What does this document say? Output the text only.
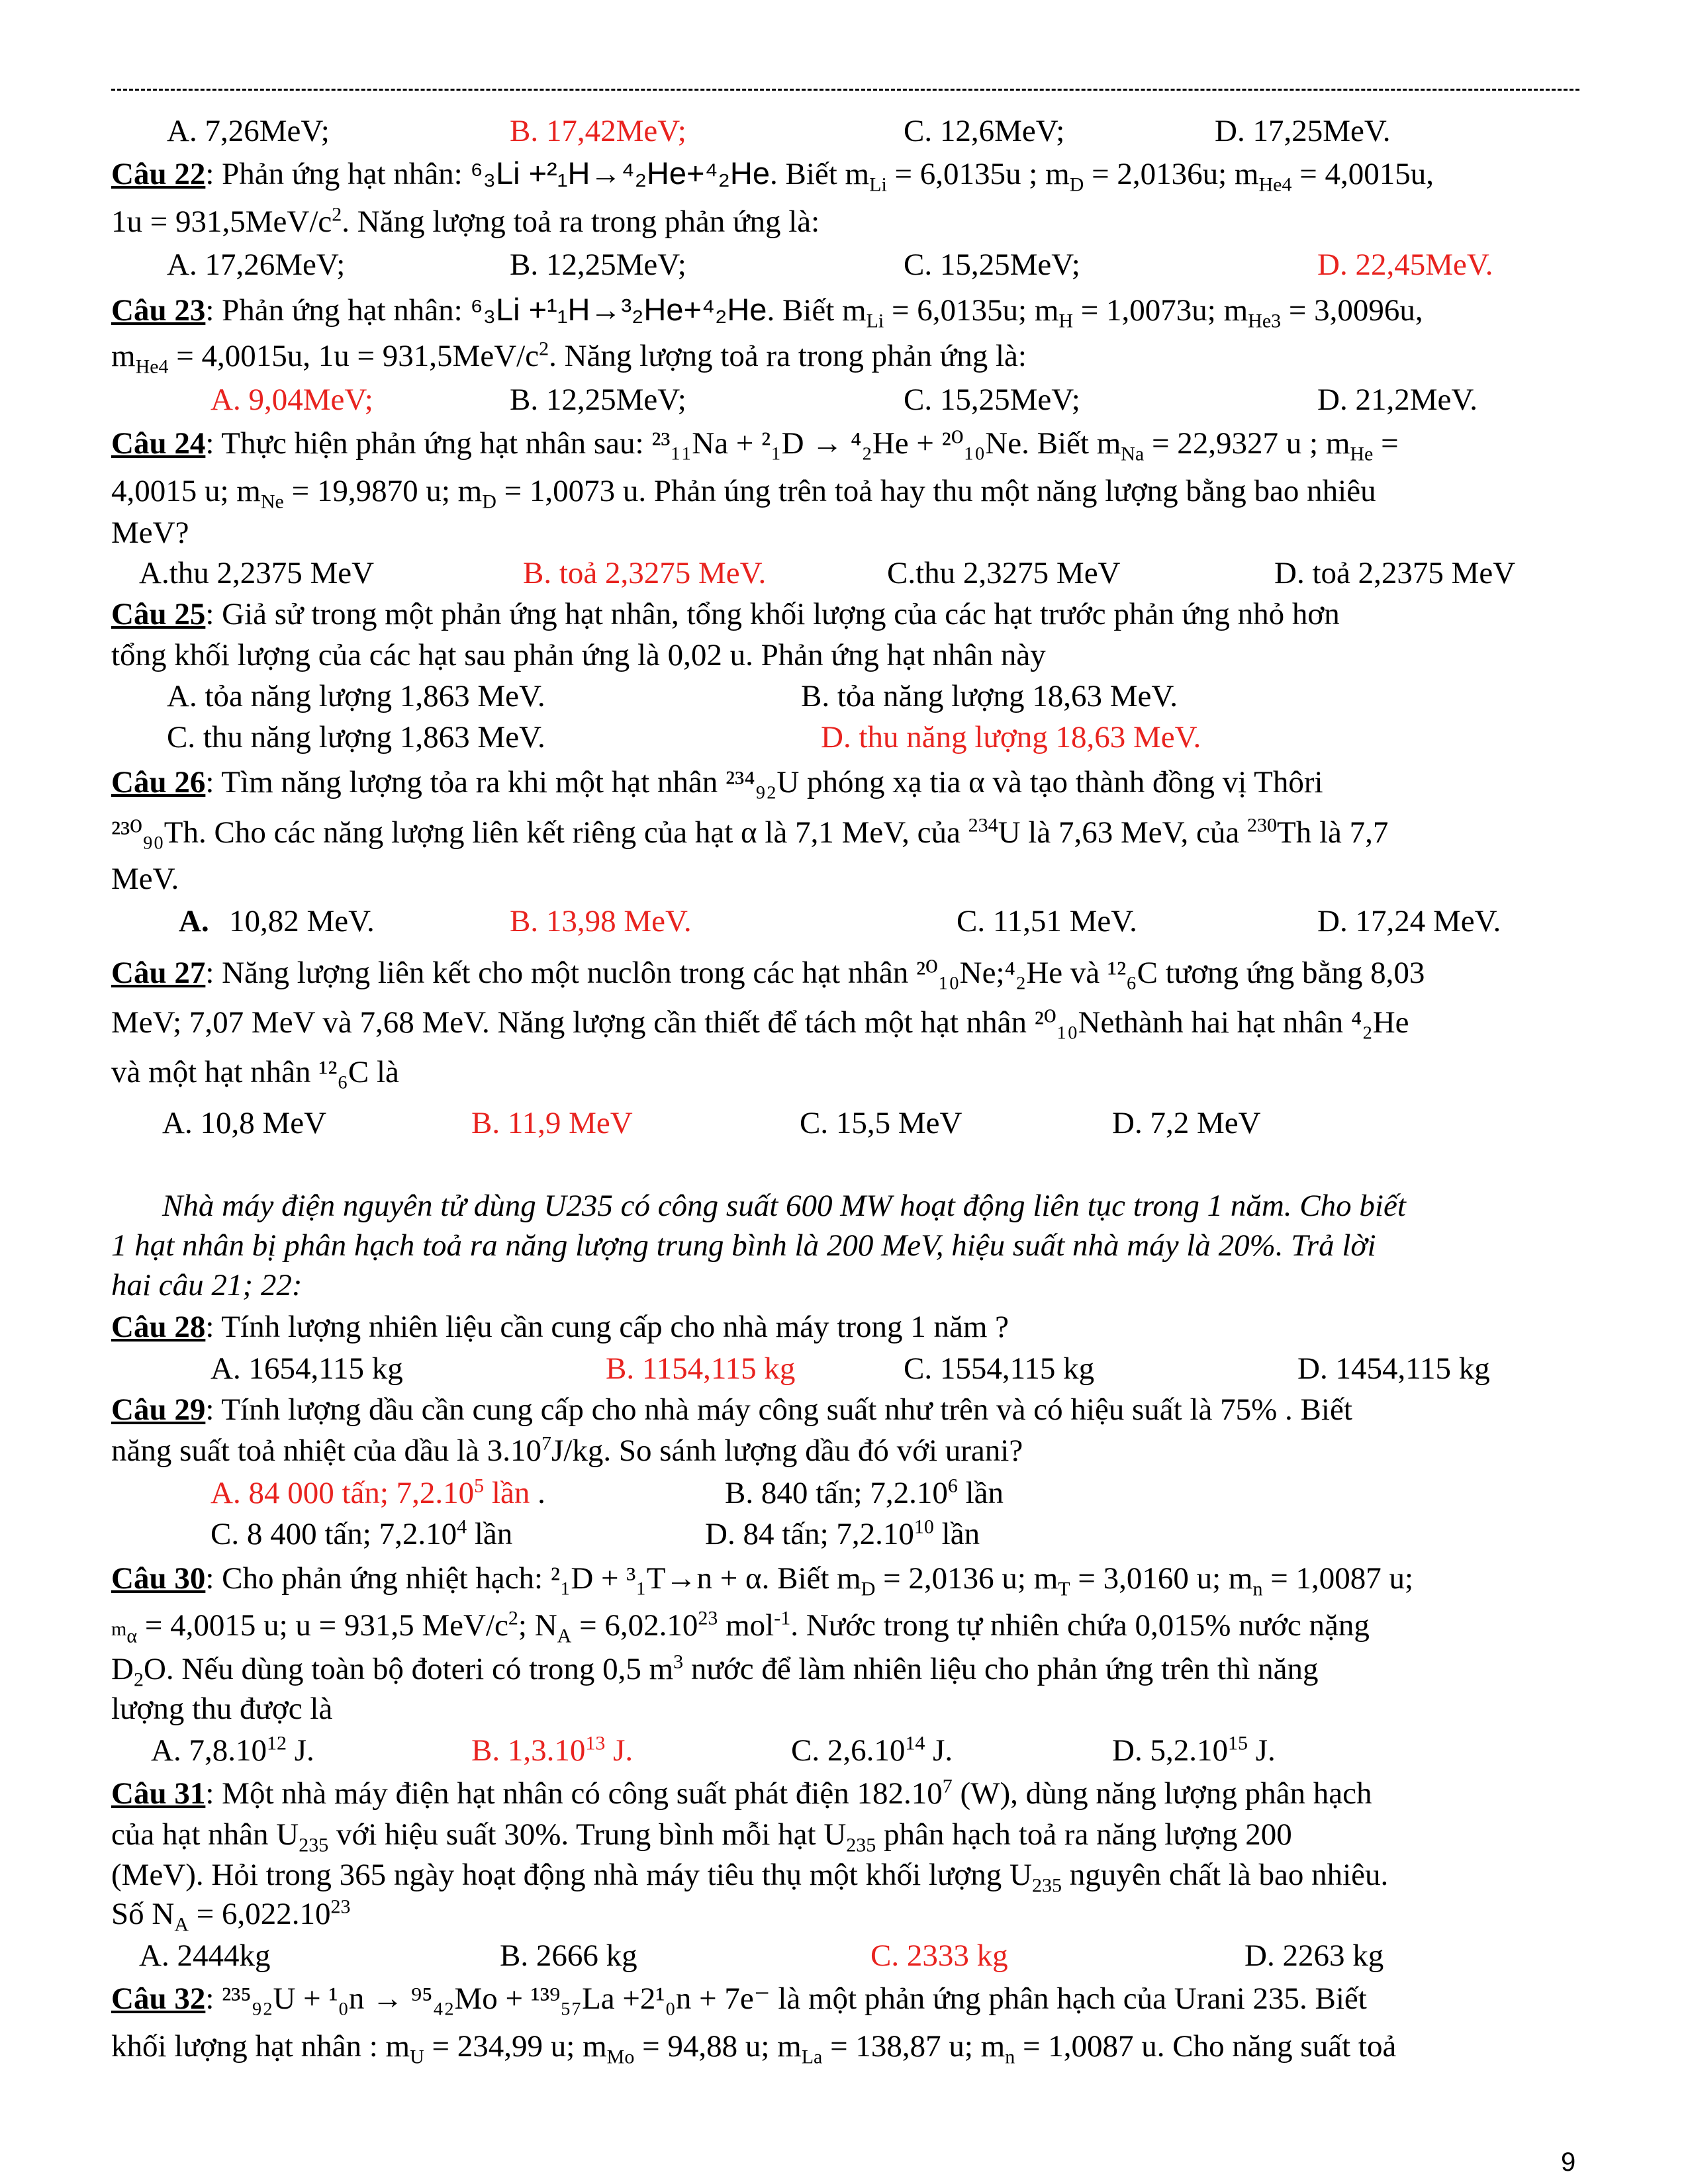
A. 7,26MeV;	B. 17,42MeV;	C. 12,6MeV;	D. 17,25MeV.
Câu 22: Phản ứng hạt nhân: ⁶₃Li +²₁H→⁴₂He+⁴₂He. Biết $m_{Li} = 6,0135u$ ; $m_D = 2,0136u$; $m_{He4} = 4,0015u$,
$1u = 931,5MeV/c^2$. Năng lượng toả ra trong phản ứng là:
A. 17,26MeV;	B. 12,25MeV;	C. 15,25MeV;	D. 22,45MeV.
Câu 23: Phản ứng hạt nhân: ⁶₃Li +¹₁H→³₂He+⁴₂He. Biết $m_{Li} = 6,0135u$; $m_H = 1,0073u$; $m_{He3} = 3,0096u$,
$m_{He4} = 4,0015u$, $1u = 931,5MeV/c^2$. Năng lượng toả ra trong phản ứng là:
A. 9,04MeV;	B. 12,25MeV;	C. 15,25MeV;	D. 21,2MeV.
Câu 24: Thực hiện phản ứng hạt nhân sau: ²³₁₁Na + ²₁D → ⁴₂He + ²⁰₁₀Ne. Biết $m_{Na} = 22,9327$ u ; $m_{He}$ =
4,0015 u; $m_{Ne} = 19,9870$ u; $m_D = 1,0073$ u. Phản úng trên toả hay thu một năng lượng bằng bao nhiêu
MeV?
A.thu 2,2375 MeV	B. toả 2,3275 MeV.	C.thu 2,3275 MeV	D. toả 2,2375 MeV
Câu 25: Giả sử trong một phản ứng hạt nhân, tổng khối lượng của các hạt trước phản ứng nhỏ hơn
tổng khối lượng của các hạt sau phản ứng là 0,02 u. Phản ứng hạt nhân này
A. tỏa năng lượng 1,863 MeV.	B. tỏa năng lượng 18,63 MeV.
C. thu năng lượng 1,863 MeV.	D. thu năng lượng 18,63 MeV.
Câu 26: Tìm năng lượng tỏa ra khi một hạt nhân ²³⁴₉₂U phóng xạ tia α và tạo thành đồng vị Thôri
²³⁰₉₀Th. Cho các năng lượng liên kết riêng của hạt α là 7,1 MeV, của $^{234}$U là 7,63 MeV, của $^{230}$Th là 7,7
MeV.
A. 10,82 MeV.	B. 13,98 MeV.	C. 11,51 MeV.	D. 17,24 MeV.
Câu 27: Năng lượng liên kết cho một nuclôn trong các hạt nhân ²⁰₁₀Ne;⁴₂He và ¹²₆C tương ứng bằng 8,03
MeV; 7,07 MeV và 7,68 MeV. Năng lượng cần thiết để tách một hạt nhân ²⁰₁₀Nethành hai hạt nhân ⁴₂He
và một hạt nhân ¹²₆C là
A. 10,8 MeV	B. 11,9 MeV	C. 15,5 MeV	D. 7,2 MeV
Nhà máy điện nguyên tử dùng U235 có công suất 600 MW hoạt động liên tục trong 1 năm. Cho biết
1 hạt nhân bị phân hạch toả ra năng lượng trung bình là 200 MeV, hiệu suất nhà máy là 20%. Trả lời
hai câu 21; 22:
Câu 28: Tính lượng nhiên liệu cần cung cấp cho nhà máy trong 1 năm ?
A. 1654,115 kg	B. 1154,115 kg	C. 1554,115 kg	D. 1454,115 kg
Câu 29: Tính lượng dầu cần cung cấp cho nhà máy công suất như trên và có hiệu suất là 75% . Biết
năng suất toả nhiệt của dầu là 3.10$^7$J/kg. So sánh lượng dầu đó với urani?
A. 84 000 tấn; 7,2.10$^5$ lần .	B. 840 tấn; 7,2.10$^6$ lần
C. 8 400 tấn; 7,2.10$^4$ lần	D. 84 tấn; 7,2.10$^{10}$ lần
Câu 30: Cho phản ứng nhiệt hạch: ²₁D + ³₁T→n + α. Biết $m_D = 2,0136$ u; $m_T = 3,0160$ u; $m_n = 1,0087$ u;
$m_\alpha = 4,0015$ u; u = 931,5 MeV/$c^2$; $N_A = 6,02.10^{23}$ mol$^{-1}$. Nước trong tự nhiên chứa 0,015% nước nặng
$D_2O$. Nếu dùng toàn bộ đoteri có trong 0,5 $m^3$ nước để làm nhiên liệu cho phản ứng trên thì năng
lượng thu được là
A. 7,8.10$^{12}$ J.	B. 1,3.10$^{13}$ J.	C. 2,6.10$^{14}$ J.	D. 5,2.10$^{15}$ J.
Câu 31: Một nhà máy điện hạt nhân có công suất phát điện 182.10$^7$ (W), dùng năng lượng phân hạch
của hạt nhân $U_{235}$ với hiệu suất 30%. Trung bình mỗi hạt $U_{235}$ phân hạch toả ra năng lượng 200
(MeV). Hỏi trong 365 ngày hoạt động nhà máy tiêu thụ một khối lượng $U_{235}$ nguyên chất là bao nhiêu.
Số $N_A = 6,022.10^{23}$
A. 2444kg	B. 2666 kg	C. 2333 kg	D. 2263 kg
Câu 32: ²³⁵₉₂U + ¹₀n → ⁹⁵₄₂Mo + ¹³⁹₅₇La +2¹₀n + 7e⁻ là một phản ứng phân hạch của Urani 235. Biết
khối lượng hạt nhân : $m_U = 234,99$ u; $m_{Mo} = 94,88$ u; $m_{La} = 138,87$ u; $m_n = 1,0087$ u. Cho năng suất toả
9
